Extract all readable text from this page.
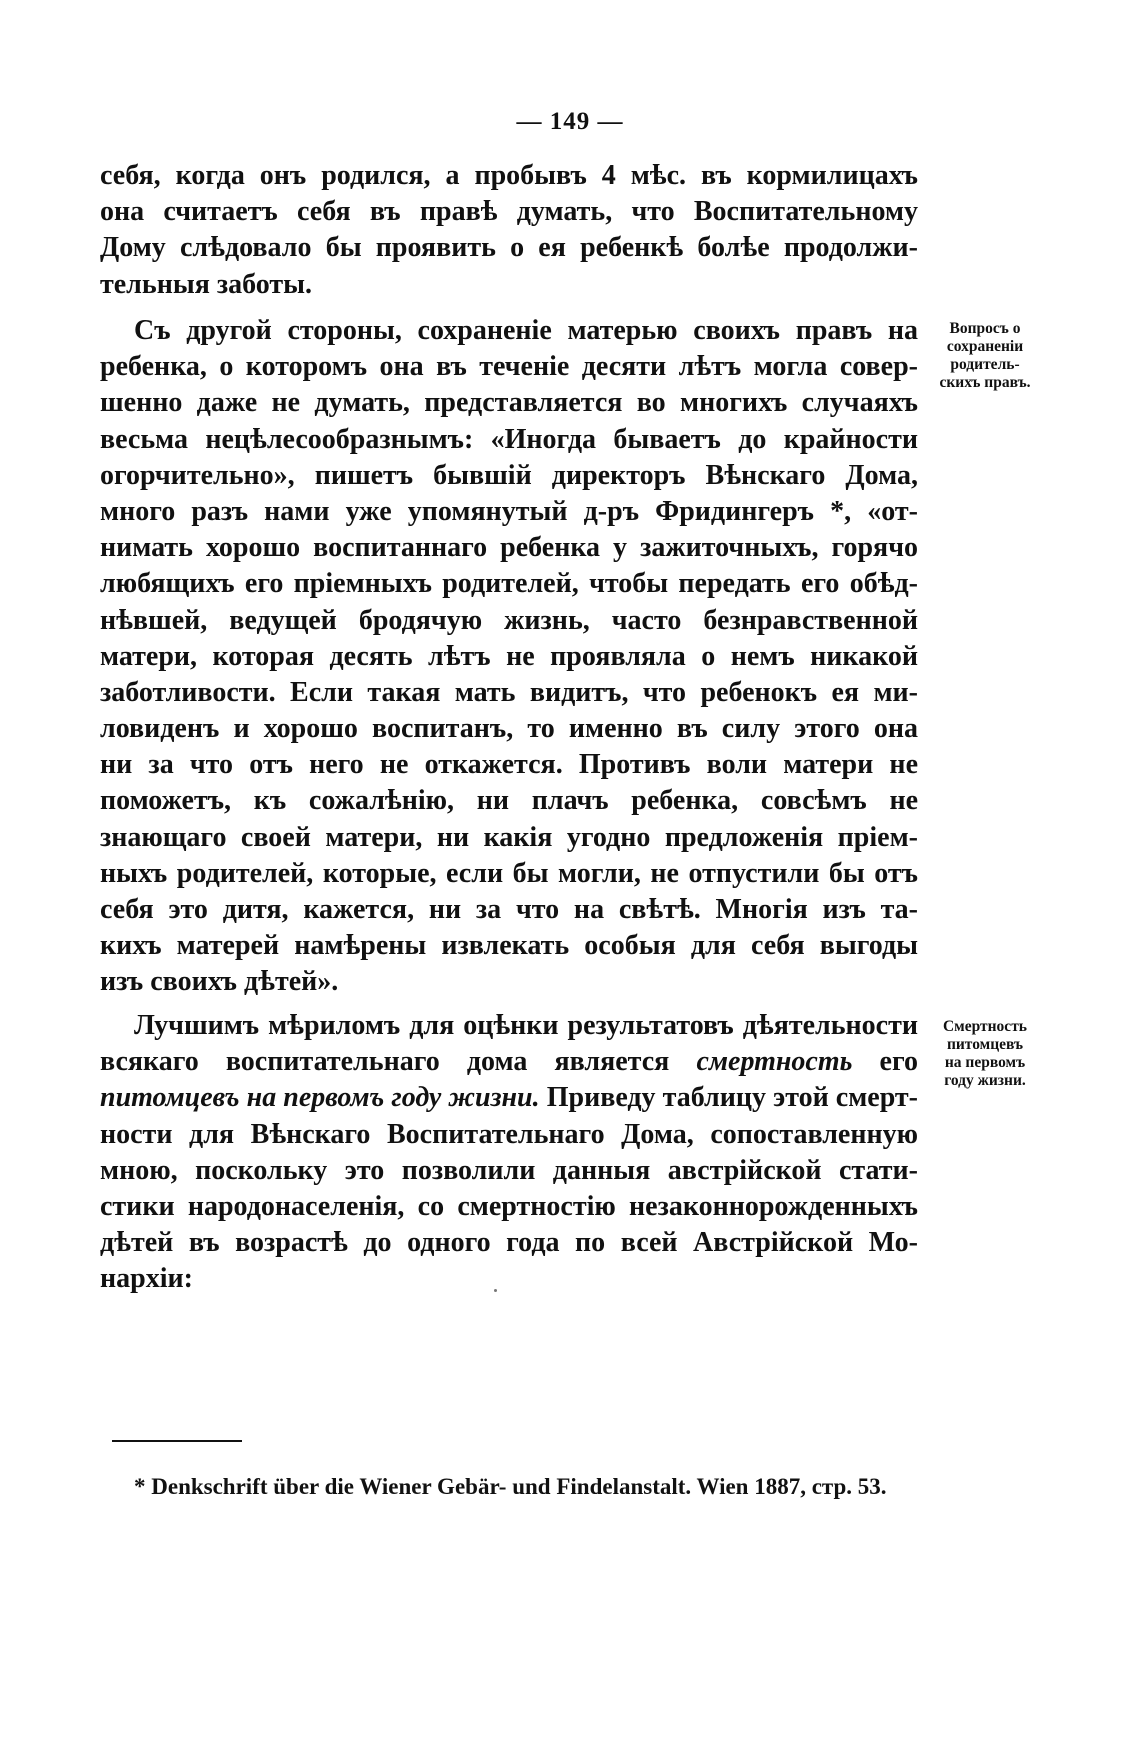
— 149 —
себя, когда онъ родился, а пробывъ 4 мѣс. въ кормилицахъ
она считаетъ себя въ правѣ думать, что Воспитательному
Дому слѣдовало бы проявить о ея ребенкѣ болѣе продолжи-
тельныя заботы.
Съ другой стороны, сохраненіе матерью своихъ правъ на
ребенка, о которомъ она въ теченіе десяти лѣтъ могла совер-
шенно даже не думать, представляется во многихъ случаяхъ
весьма нецѣлесообразнымъ: «Иногда бываетъ до крайности
огорчительно», пишетъ бывшій директоръ Вѣнскаго Дома,
много разъ нами уже упомянутый д-ръ Фридингеръ *, «от-
нимать хорошо воспитаннаго ребенка у зажиточныхъ, горячо
любящихъ его пріемныхъ родителей, чтобы передать его обѣд-
нѣвшей, ведущей бродячую жизнь, часто безнравственной
матери, которая десять лѣтъ не проявляла о немъ никакой
заботливости. Если такая мать видитъ, что ребенокъ ея ми-
ловиденъ и хорошо воспитанъ, то именно въ силу этого она
ни за что отъ него не откажется. Противъ воли матери не
поможетъ, къ сожалѣнію, ни плачъ ребенка, совсѣмъ не
знающаго своей матери, ни какія угодно предложенія пріем-
ныхъ родителей, которые, если бы могли, не отпустили бы отъ
себя это дитя, кажется, ни за что на свѣтѣ. Многія изъ та-
кихъ матерей намѣрены извлекать особыя для себя выгоды
изъ своихъ дѣтей».
Лучшимъ мѣриломъ для оцѣнки результатовъ дѣятельности
всякаго воспитательнаго дома является смертность его
питомцевъ на первомъ году жизни. Приведу таблицу этой смерт-
ности для Вѣнскаго Воспитательнаго Дома, сопоставленную
мною, поскольку это позволили данныя австрійской стати-
стики народонаселенія, со смертностію незаконнорожденныхъ
дѣтей въ возрастѣ до одного года по всей Австрійской Мо-
нархіи:
Вопросъ о
сохраненіи
родитель-
скихъ правъ.
Смертность
питомцевъ
на первомъ
году жизни.
* Denkschrift über die Wiener Gebär- und Findelanstalt. Wien 1887, стр. 53.
